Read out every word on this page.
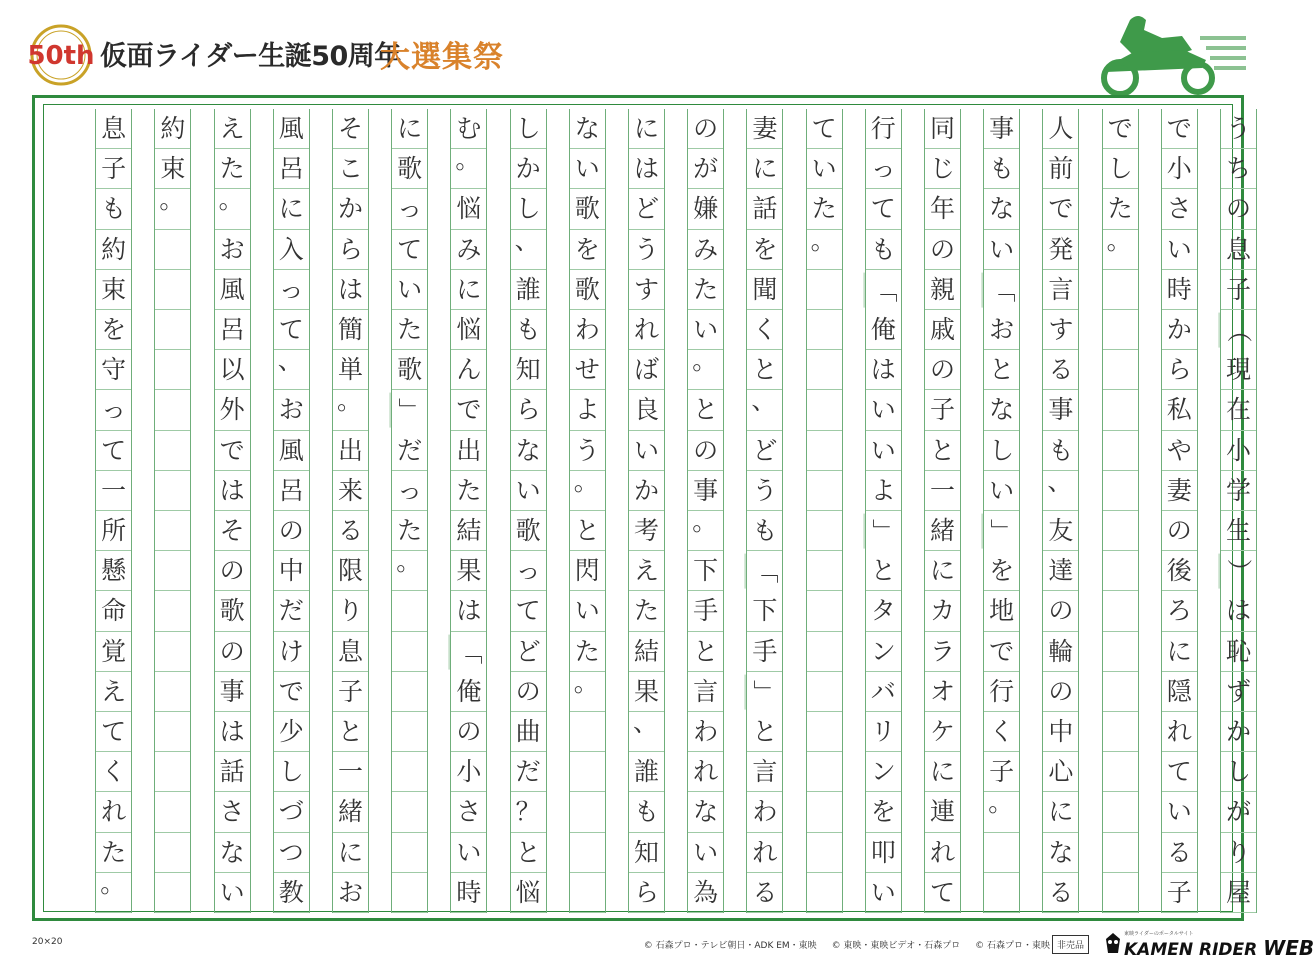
50th 仮面ライダー生誕50周年
大選集祭
う
ち
の
息
子
（
現
在
小
学
生
）
は
恥
ず
か
し
が
り
屋
で
小
さ
い
時
か
ら
私
や
妻
の
後
ろ
に
隠
れ
て
い
る
子
で
し
た
。
人
前
で
発
言
す
る
事
も
、
友
達
の
輪
の
中
心
に
な
る
事
も
な
い
「
お
と
な
し
い
」
を
地
で
行
く
子
。
同
じ
年
の
親
戚
の
子
と
一
緒
に
カ
ラ
オ
ケ
に
連
れ
て
行
っ
て
も
「
俺
は
い
い
よ
」
と
タ
ン
バ
リ
ン
を
叩
い
て
い
た
。
妻
に
話
を
聞
く
と
、
ど
う
も
「
下
手
」
と
言
わ
れ
る
の
が
嫌
み
た
い
。
と
の
事
。
下
手
と
言
わ
れ
な
い
為
に
は
ど
う
す
れ
ば
良
い
か
考
え
た
結
果
、
誰
も
知
ら
な
い
歌
を
歌
わ
せ
よ
う
。
と
閃
い
た
。
し
か
し
、
誰
も
知
ら
な
い
歌
っ
て
ど
の
曲
だ
？
と
悩
む
。
悩
み
に
悩
ん
で
出
た
結
果
は
「
俺
の
小
さ
い
時
に
歌
っ
て
い
た
歌
」
だ
っ
た
。
そ
こ
か
ら
は
簡
単
。
出
来
る
限
り
息
子
と
一
緒
に
お
風
呂
に
入
っ
て
、
お
風
呂
の
中
だ
け
で
少
し
づ
つ
教
え
た
。
お
風
呂
以
外
で
は
そ
の
歌
の
事
は
話
さ
な
い
約
束
。
息
子
も
約
束
を
守
っ
て
一
所
懸
命
覚
え
て
く
れ
た
。
20×20	© 石森プロ・テレビ朝日・ADK EM・東映 © 東映・東映ビデオ・石森プロ © 石森プロ・東映 非売品
東映ライダーのポータルサイト
KAMEN RIDER WEB
